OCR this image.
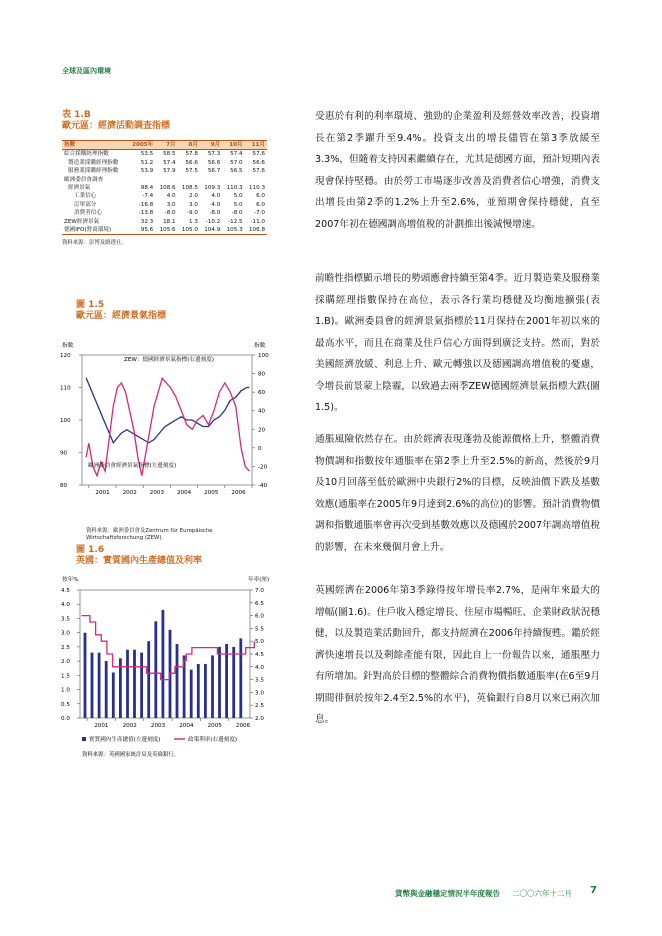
全球及區內環境
表 1.B
歐元區：經濟活動調查指標
指數	2005年	7月	8月	9月	10月	11月
綜合採購經理指數	53.5	58.5	57.8	57.3	57.4	57.6
製造業採購經理指數	51.2	57.4	56.6	56.6	57.0	56.6
服務業採購經理指數	53.9	57.9	57.5	56.7	56.5	57.6
歐洲委員會調查						
經濟景氣	98.4	108.6	108.5	109.3	110.3	110.3
工業信心	-7.4	4.0	2.0	4.0	5.0	6.0
訂單部分	-16.8	3.0	3.0	4.0	5.0	6.0
消費者信心	-13.8	-8.0	-9.0	-8.0	-8.0	-7.0
ZEW經濟景氣	32.3	18.1	1.3	-10.2	-12.5	-11.0
德國IFO(營商環境)	95.6	105.6	105.0	104.9	105.3	106.8
資料來源：彭博及路透社。
圖 1.5
歐元區：經濟景氣指標
指數	指數
80
90
100
110
120
-40
-20
0
20
40
60
80
100
2001 2002 2003 2004 2005 2006
ZEW：德國經濟景氣指標(右邊刻度)
歐洲委員會經濟景氣指標(左邊刻度)
資料來源：歐洲委員會及Zentrum für Europäische Wirtschaftsforschung (ZEW)。
圖 1.6
英國：實質國內生產總值及利率
按年%	年率(厘)
0.0
0.5
1.0
1.5
2.0
2.5
3.0
3.5
4.0
4.5
2.0
2.5
3.0
3.5
4.0
4.5
5.0
5.5
6.0
6.5
7.0
2001	2002	2003	2004	2005	2006
實質國內生產總值(左邊刻度)	政策利率(右邊刻度)
資料來源：英國國家統計局及英倫銀行。
受惠於有利的利率環境、強勁的企業盈利及經營效率改善，投資增長在第2季躍升至9.4%。投資支出的增長儘管在第3季放緩至3.3%，但隨着支持因素繼續存在，尤其是德國方面，預計短期內表現會保持堅穩。由於勞工市場逐步改善及消費者信心增強，消費支出增長由第2季的1.2%上升至2.6%，並預期會保持穩健，直至2007年初在德國調高增值稅的計劃推出後減慢增速。
前瞻性指標顯示增長的勢頭應會持續至第4季。近月製造業及服務業採購經理指數保持在高位，表示各行業均穩健及均衡地擴張(表1.B)。歐洲委員會的經濟景氣指標於11月保持在2001年初以來的最高水平，而且在商業及住戶信心方面得到廣泛支持。然而，對於美國經濟放緩、利息上升、歐元轉強以及德國調高增值稅的憂慮，令增長前景蒙上陰霾，以致過去兩季ZEW德國經濟景氣指標大跌(圖1.5)。
通脹風險依然存在。由於經濟表現蓬勃及能源價格上升，整體消費物價調和指數按年通脹率在第2季上升至2.5%的新高，然後於9月及10月回落至低於歐洲中央銀行2%的目標，反映油價下跌及基數效應(通脹率在2005年9月達到2.6%的高位)的影響。預計消費物價調和指數通脹率會再次受到基數效應以及德國於2007年調高增值稅的影響，在未來幾個月會上升。
英國經濟在2006年第3季錄得按年增長率2.7%，是兩年來最大的增幅(圖1.6)。住戶收入穩定增長、住屋市場暢旺、企業財政狀況穩健，以及製造業活動回升，都支持經濟在2006年持續復甦。鑑於經濟快速增長以及剩餘產能有限，因此自上一份報告以來，通脹壓力有所增加。針對高於目標的整體綜合消費物價指數通脹率(在6至9月期間徘徊於按年2.4至2.5%的水平)，英倫銀行自8月以來已兩次加息。
貨幣與金融穩定情況半年度報告 二〇〇六年十二月 7
